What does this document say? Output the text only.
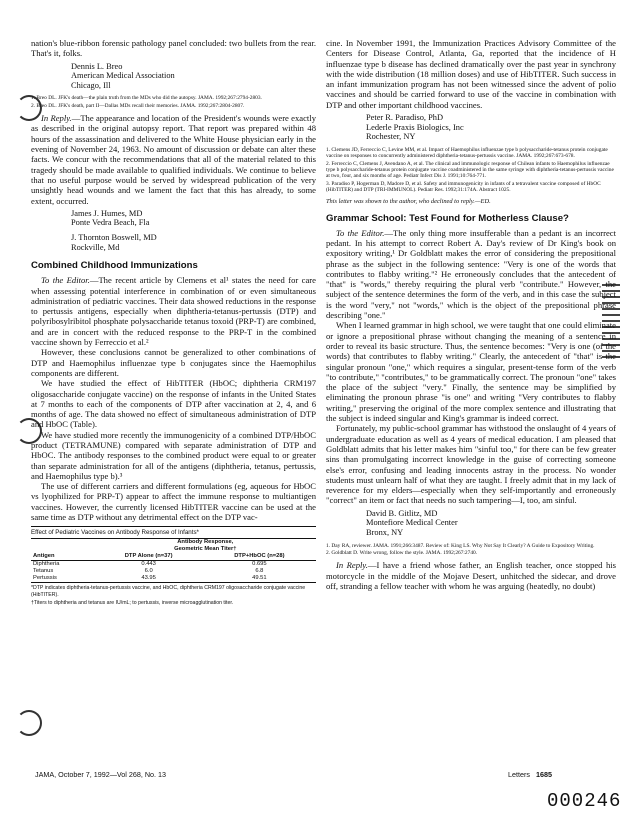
nation's blue-ribbon forensic pathology panel concluded: two bullets from the rear. That's it, folks.

Dennis L. Breo
American Medical Association
Chicago, Ill
1. Breo DL. JFK's death—the plain truth from the MDs who did the autopsy. JAMA. 1992;267:2794-2803.
2. Breo DL. JFK's death, part II—Dallas MDs recall their memories. JAMA. 1992;267:2804-2807.

In Reply.—The appearance and location of the President's wounds were exactly as described in the original autopsy report. That report was prepared within 48 hours of the assassination and delivered to the White House physician early in the evening of November 24, 1963. No amount of discussion or debate can alter these facts. We concur with the recommendations that all of the material related to this tragedy should be made available to qualified individuals. We continue to believe that no useful purpose would be served by widespread publication of the very unsightly head wounds and we lament the fact that this has already, to some extent, occurred.

James J. Humes, MD
Ponte Vedra Beach, Fla
J. Thornton Boswell, MD
Rockville, Md
Combined Childhood Immunizations

To the Editor.—The recent article by Clemens et al¹ states the need for care when assessing potential interference in combination of or even simultaneous administration of pediatric vaccines. Their data showed reductions in the response to pertussis antigens, especially when diphtheria-tetanus-pertussis (DTP) and polyribosylribitol phosphate polysaccharide tetanus toxoid (PRP-T) are combined, and are in concert with the reduced response to the PRP-T in the combined vaccine shown by Ferreccio et al.²

However, these conclusions cannot be generalized to other combinations of DTP and Haemophilus influenzae type b conjugates since the Haemophilus components are different.

We have studied the effect of HibTITER (HbOC; diphtheria CRM197 oligosaccharide conjugate vaccine) on the response of infants in the United States at 7 months to each of the components of DTP after vaccination at 2, 4, and 6 months of age. The data showed no effect of simultaneous administration of DTP and HbOC (Table).

We have studied more recently the immunogenicity of a combined DTP/HbOC product (TETRAMUNE) compared with separate administration of DTP and HbOC. The antibody responses to the combined product were equal to or greater than separate administration for all of the antigens (diphtheria, tetanus, pertussis, and Haemophilus type b).³

The use of different carriers and different formulations (eg, aqueous for HbOC vs lyophilized for PRP-T) appear to affect the immune response to multiantigen vaccines. However, the currently licensed HibTITER vaccine can be used at the same time as DTP without any detrimental effect on the DTP vac-

Effect of Pediatric Vaccines on Antibody Response of Infants*

	Antibody Response,
Geometric Mean Titer†	

Antigen	DTP Alone (n=37)	DTP+HbOC (n=28)
Diphtheria	0.443	0.695
Tetanus	6.0	6.8
Pertussis	43.95	49.51
*DTP indicates diphtheria-tetanus-pertussis vaccine, and HbOC, diphtheria CRM197 oligosaccharide conjugate vaccine (HibTITER).
†Titers to diphtheria and tetanus are IU/mL; to pertussis, inverse microagglutination titer.

cine. In November 1991, the Immunization Practices Advisory Committee of the Centers for Disease Control, Atlanta, Ga, reported that the incidence of H influenzae type b disease has declined dramatically over the past year in synchrony with the wide distribution (18 million doses) and use of HibTITER. Such success in an infant immunization program has not been witnessed since the advent of polio vaccines and should be carried forward to use of the vaccine in combination with DTP and other important childhood vaccines.

Peter R. Paradiso, PhD
Lederle Praxis Biologics, Inc
Rochester, NY
1. Clemens JD, Ferreccio C, Levine MM, et al. Impact of Haemophilus influenzae type b polysaccharide-tetanus protein conjugate vaccine on responses to concurrently administered diphtheria-tetanus-pertussis vaccine. JAMA. 1992;267:673-678.
2. Ferreccio C, Clemens J, Avendano A, et al. The clinical and immunologic response of Chilean infants to Haemophilus influenzae type b polysaccharide-tetanus protein conjugate vaccine coadministered in the same syringe with diphtheria-tetanus-pertussis vaccine at two, four, and six months of age. Pediatr Infect Dis J. 1991;10:764-771.
3. Paradiso P, Hogerman D, Madore D, et al. Safety and immunogenicity in infants of a tetravalent vaccine composed of HbOC (HibTITER) and DTP (TRI-IMMUNOL). Pediatr Res. 1992;31:174A. Abstract 1025.
This letter was shown to the author, who declined to reply.—ED.
Grammar School: Test Found for Motherless Clause?

To the Editor.—The only thing more insufferable than a pedant is an incorrect pedant. In his attempt to correct Robert A. Day's review of Dr King's book on expository writing,¹ Dr Goldblatt makes the error of considering the prepositional phrase as the subject in the following sentence: "Very is one of the words that contributes to flabby writing."² He erroneously concludes that the antecedent of "that" is "words," thereby requiring the plural verb "contribute." However, the subject of the sentence determines the form of the verb, and in this case the subject is the word "very," not "words," which is the object of the prepositional phrase describing "one."

When I learned grammar in high school, we were taught that one could eliminate or ignore a prepositional phrase without changing the meaning of a sentence in order to reveal its basic structure. Thus, the sentence becomes: "Very is one (of the words) that contributes to flabby writing." Clearly, the antecedent of "that" is the singular pronoun "one," which requires a singular, present-tense form of the verb "to contribute," "contributes," to be grammatically correct. The pronoun "one" takes the place of the subject "very." Finally, the sentence may be simplified by eliminating the pronoun phrase "is one" and writing "Very contributes to flabby writing," preserving the original of the more complex sentence and illustrating that the subject is indeed singular and King's grammar is indeed correct.

Fortunately, my public-school grammar has withstood the onslaught of 4 years of undergraduate education as well as 4 years of medical education. I am pleased that Goldblatt admits that his letter makes him "sinful too," for there can be few greater sins than promulgating incorrect knowledge in the guise of correcting someone else's error, confusing and leading innocents astray in the process. No wonder students must unlearn half of what they are taught. I freely admit that in my lack of reverence for my elders—especially when they self-importantly and erroneously "correct" an item or fact that needs no such tampering—I, too, am sinful.

David B. Gitlitz, MD
Montefiore Medical Center
Bronx, NY
1. Day RA, reviewer. JAMA. 1991;266:3487. Review of: King LS. Why Not Say It Clearly? A Guide to Expository Writing.
2. Goldblatt D. Write wrong, follow the style. JAMA. 1992;267:2740.

In Reply.—I have a friend whose father, an English teacher, once stopped his motorcycle in the middle of the Mojave Desert, unhitched the sidecar, and drove off, stranding a fellow teacher with whom he was arguing (heatedly, no doubt)

JAMA, October 7, 1992—Vol 268, No. 13	Letters 1685
000246
